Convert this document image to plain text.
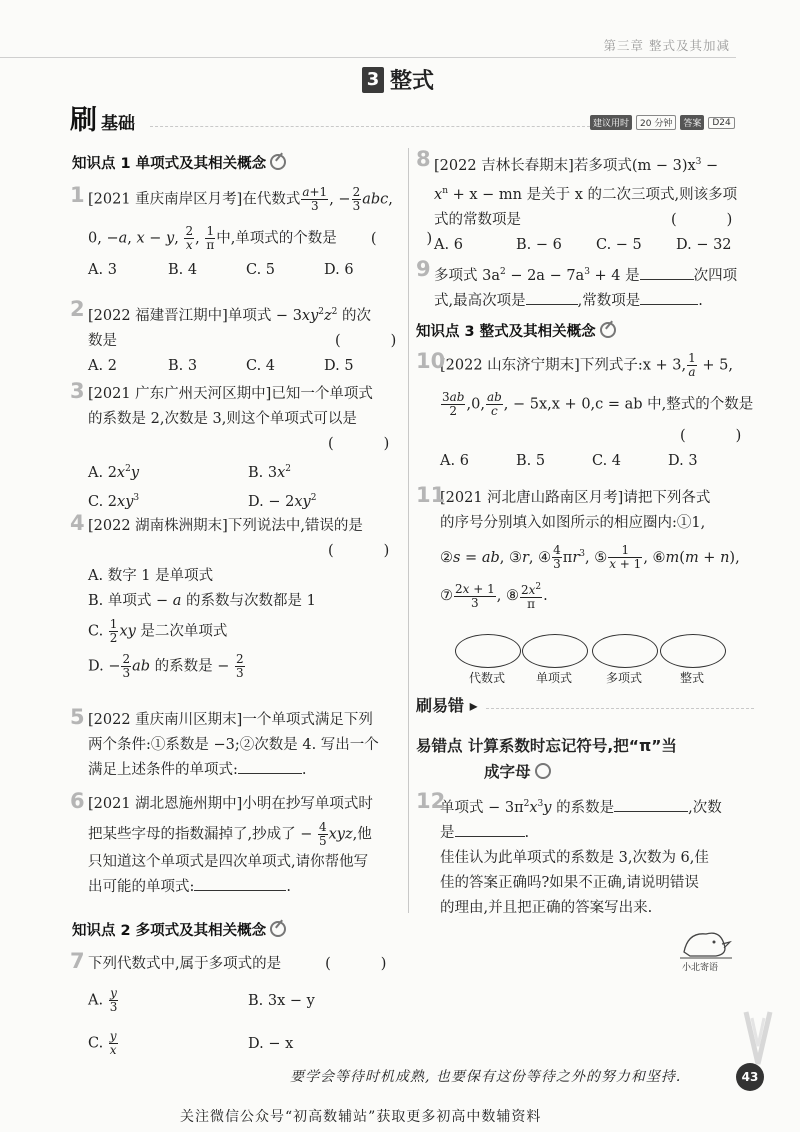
第三章 整式及其加减
3 整式
刷 基础	建议用时	20 分钟	答案	D24
知识点 1 单项式及其相关概念
1 [2021 重庆南岸区月考]在代数式 $\frac{a+1}{3}$ , − $\frac{2}{3}$ abc,
0, −a, x − y, $\frac{2}{x}$ , $\frac{1}{\pi}$ 中,单项式的个数是 (	)
A. 3	B. 4	C. 5	D. 6
2 [2022 福建晋江期中]单项式 − $3xy^2z^2$ 的次
数是	(	)
A. 2	B. 3	C. 4	D. 5
3 [2021 广东广州天河区期中]已知一个单项式
的系数是 2,次数是 3,则这个单项式可以是
(	)
A. $2x^2y$	B. $3x^2$
C. $2xy^3$	D. − $2xy^2$
4 [2022 湖南株洲期末]下列说法中,错误的是
(	)
A. 数字 1 是单项式
B. 单项式 − a 的系数与次数都是 1
C. $\frac{1}{2}$ xy 是二次单项式
D. − $\frac{2}{3}$ ab 的系数是 − $\frac{2}{3}$
5 [2022 重庆南川区期末]一个单项式满足下列
两个条件:①系数是 −3;②次数是 4. 写出一个
满足上述条件的单项式:	.
6 [2021 湖北恩施州期中]小明在抄写单项式时
把某些字母的指数漏掉了,抄成了 − $\frac{4}{5}$ xyz,他
只知道这个单项式是四次单项式,请你帮他写
出可能的单项式:	.
知识点 2 多项式及其相关概念
7 下列代数式中,属于多项式的是	(	)
A. $\frac{y}{3}$	B. 3x − y
C. $\frac{y}{x}$	D. − x
8 [2022 吉林长春期末]若多项式$(m - 3)x^3$ −
$x^n + x$ − mn 是关于 x 的二次三项式,则该多项
式的常数项是	(	)
A. 6	B. − 6 C. − 5 D. − 32
9 多项式 $3a^2 - 2a - 7a^3 + 4$ 是	次四项
式,最高次项是	,常数项是	.
知识点 3 整式及其相关概念
10
[2022 山东济宁期末]下列式子:x + 3, $\frac{1}{a} + 5$,
$\frac{3ab}{2} ,0$, $\frac{ab}{c}$ , − 5x,x + 0,c = ab 中,整式的个数是
(	)
A. 6	B. 5	C. 4	D. 3
11
[2021 河北唐山路南区月考]请把下列各式
的序号分别填入如图所示的相应圈内:①1,
②s = ab, ③r, ④ $\frac{4}{3} \pi r^3$, ⑤ $\frac{1}{x + 1}$ , ⑥m(m + n),
⑦ $\frac{2x + 1}{3}$ , ⑧ $\frac{2x^2}{\pi}$ .
代数式	单项式	多项式	整式
刷易错 ▸
易错点 计算系数时忘记符号,把“π”当
成字母
12
单项式 − $3\pi^2x^3y$ 的系数是	,次数
是	.
佳佳认为此单项式的系数是 3,次数为 6,佳
佳的答案正确吗?如果不正确,请说明错误
的理由,并且把正确的答案写出来.
小北寄语
要学会等待时机成熟, 也要保有这份等待之外的努力和坚持.	43
关注微信公众号“初高数辅站”获取更多初高中数辅资料
